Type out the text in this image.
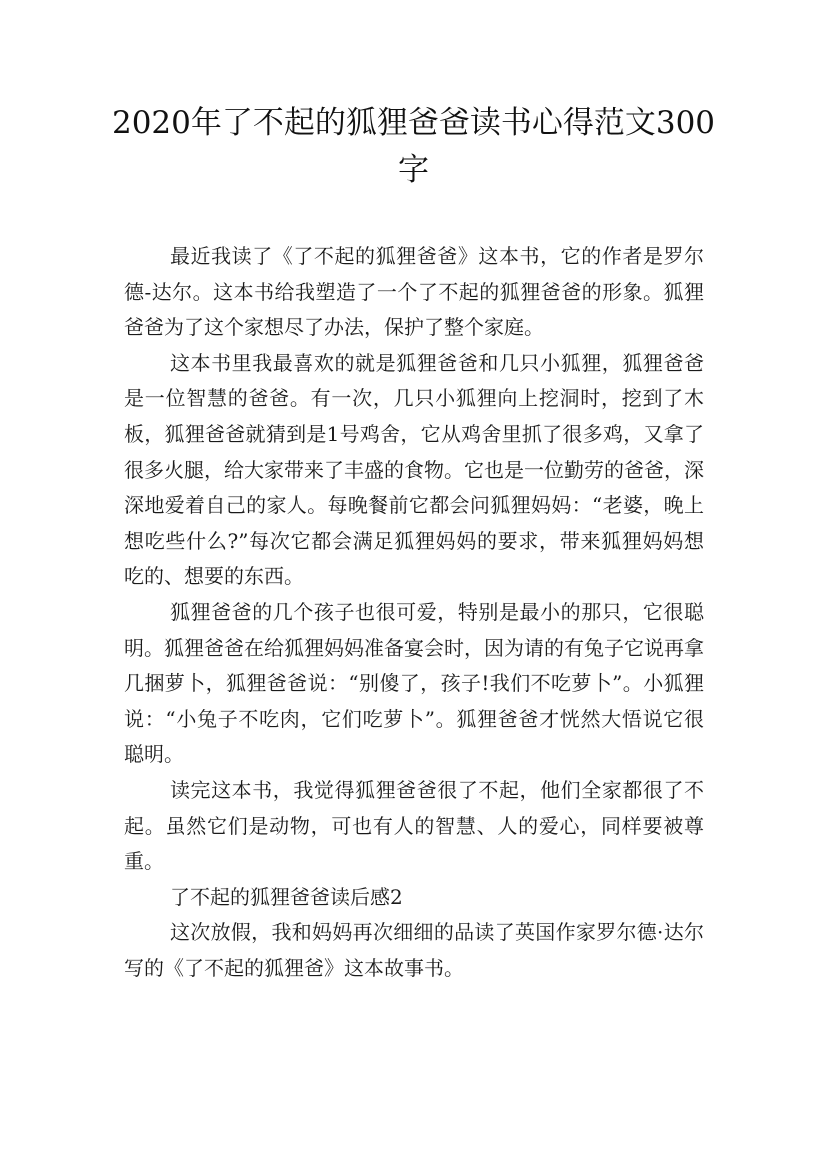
2020年了不起的狐狸爸爸读书心得范文300字

最近我读了《了不起的狐狸爸爸》这本书，它的作者是罗尔德-达尔。这本书给我塑造了一个了不起的狐狸爸爸的形象。狐狸爸爸为了这个家想尽了办法，保护了整个家庭。

这本书里我最喜欢的就是狐狸爸爸和几只小狐狸，狐狸爸爸是一位智慧的爸爸。有一次，几只小狐狸向上挖洞时，挖到了木板，狐狸爸爸就猜到是1号鸡舍，它从鸡舍里抓了很多鸡，又拿了很多火腿，给大家带来了丰盛的食物。它也是一位勤劳的爸爸，深深地爱着自己的家人。每晚餐前它都会问狐狸妈妈：“老婆，晚上想吃些什么?”每次它都会满足狐狸妈妈的要求，带来狐狸妈妈想吃的、想要的东西。

狐狸爸爸的几个孩子也很可爱，特别是最小的那只，它很聪明。狐狸爸爸在给狐狸妈妈准备宴会时，因为请的有兔子它说再拿几捆萝卜，狐狸爸爸说：“别傻了，孩子!我们不吃萝卜”。小狐狸说：“小兔子不吃肉，它们吃萝卜”。狐狸爸爸才恍然大悟说它很聪明。

读完这本书，我觉得狐狸爸爸很了不起，他们全家都很了不起。虽然它们是动物，可也有人的智慧、人的爱心，同样要被尊重。

了不起的狐狸爸爸读后感2

这次放假，我和妈妈再次细细的品读了英国作家罗尔德·达尔写的《了不起的狐狸爸》这本故事书。
